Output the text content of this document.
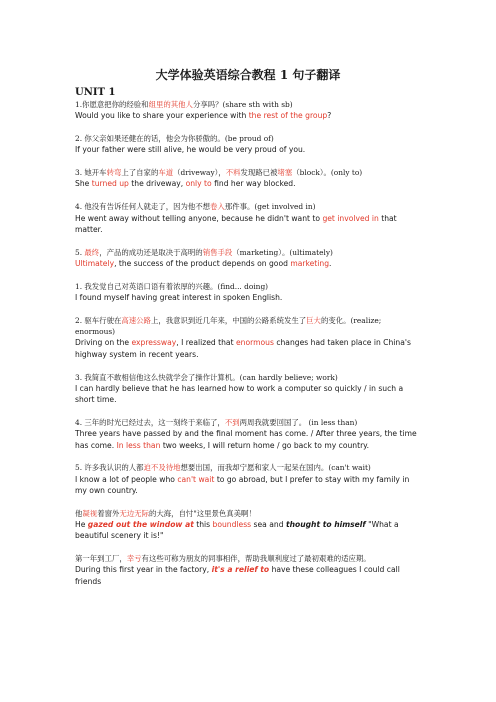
大学体验英语综合教程 1 句子翻译
UNIT 1

1.你愿意把你的经验和组里的其他人分享吗？(share sth with sb)
Would you like to share your experience with the rest of the group?

2. 你父亲如果还健在的话，他会为你骄傲的。(be proud of)
If your father were still alive, he would be very proud of you.

3. 她开车转弯上了自家的车道（driveway），不料发现路已被堵塞（block）。(only to)
She turned up the driveway, only to find her way blocked.

4. 他没有告诉任何人就走了，因为他不想卷入那件事。(get involved in)
He went away without telling anyone, because he didn't want to get involved in that matter.

5. 最终，产品的成功还是取决于高明的销售手段（marketing）。(ultimately)
Ultimately, the success of the product depends on good marketing.

1. 我发觉自己对英语口语有着浓厚的兴趣。(find... doing)
I found myself having great interest in spoken English.

2. 驱车行驶在高速公路上，我意识到近几年来，中国的公路系统发生了巨大的变化。(realize; enormous)
Driving on the expressway, I realized that enormous changes had taken place in China's highway system in recent years.

3. 我简直不敢相信他这么快就学会了操作计算机。(can hardly believe; work)
I can hardly believe that he has learned how to work a computer so quickly / in such a short time.

4. 三年的时光已经过去，这一刻终于来临了，不到两周我就要回国了。 (in less than)
Three years have passed by and the final moment has come. / After three years, the time has come. In less than two weeks, I will return home / go back to my country.

5. 许多我认识的人都迫不及待地想要出国，而我却宁愿和家人一起呆在国内。(can't wait)
I know a lot of people who can't wait to go abroad, but I prefer to stay with my family in my own country.

他凝视着窗外无边无际的大海，自忖"这里景色真美啊！
He gazed out the window at this boundless sea and thought to himself "What a beautiful scenery it is!"

第一年到工厂，幸亏有这些可称为朋友的同事相伴，帮助我顺利度过了最初艰难的适应期。
During this first year in the factory, it's a relief to have these colleagues I could call friends
